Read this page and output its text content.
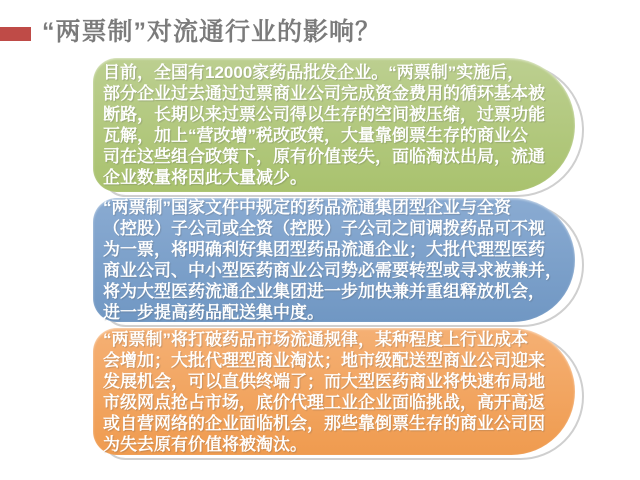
“两票制”对流通行业的影响？

目前，全国有12000家药品批发企业。“两票制”实施后，

部分企业过去通过过票商业公司完成资金费用的循环基本被

断路，长期以来过票公司得以生存的空间被压缩，过票功能

瓦解，加上“营改增”税改政策，大量靠倒票生存的商业公

司在这些组合政策下，原有价值丧失，面临淘汰出局，流通

企业数量将因此大量减少。

“两票制”国家文件中规定的药品流通集团型企业与全资

（控股）子公司或全资（控股）子公司之间调拨药品可不视

为一票，将明确利好集团型药品流通企业；大批代理型医药

商业公司、中小型医药商业公司势必需要转型或寻求被兼并，

将为大型医药流通企业集团进一步加快兼并重组释放机会，

进一步提高药品配送集中度。

“两票制”将打破药品市场流通规律，某种程度上行业成本

会增加；大批代理型商业淘汰；地市级配送型商业公司迎来

发展机会，可以直供终端了；而大型医药商业将快速布局地

市级网点抢占市场，底价代理工业企业面临挑战，高开高返

或自营网络的企业面临机会，那些靠倒票生存的商业公司因

为失去原有价值将被淘汰。
